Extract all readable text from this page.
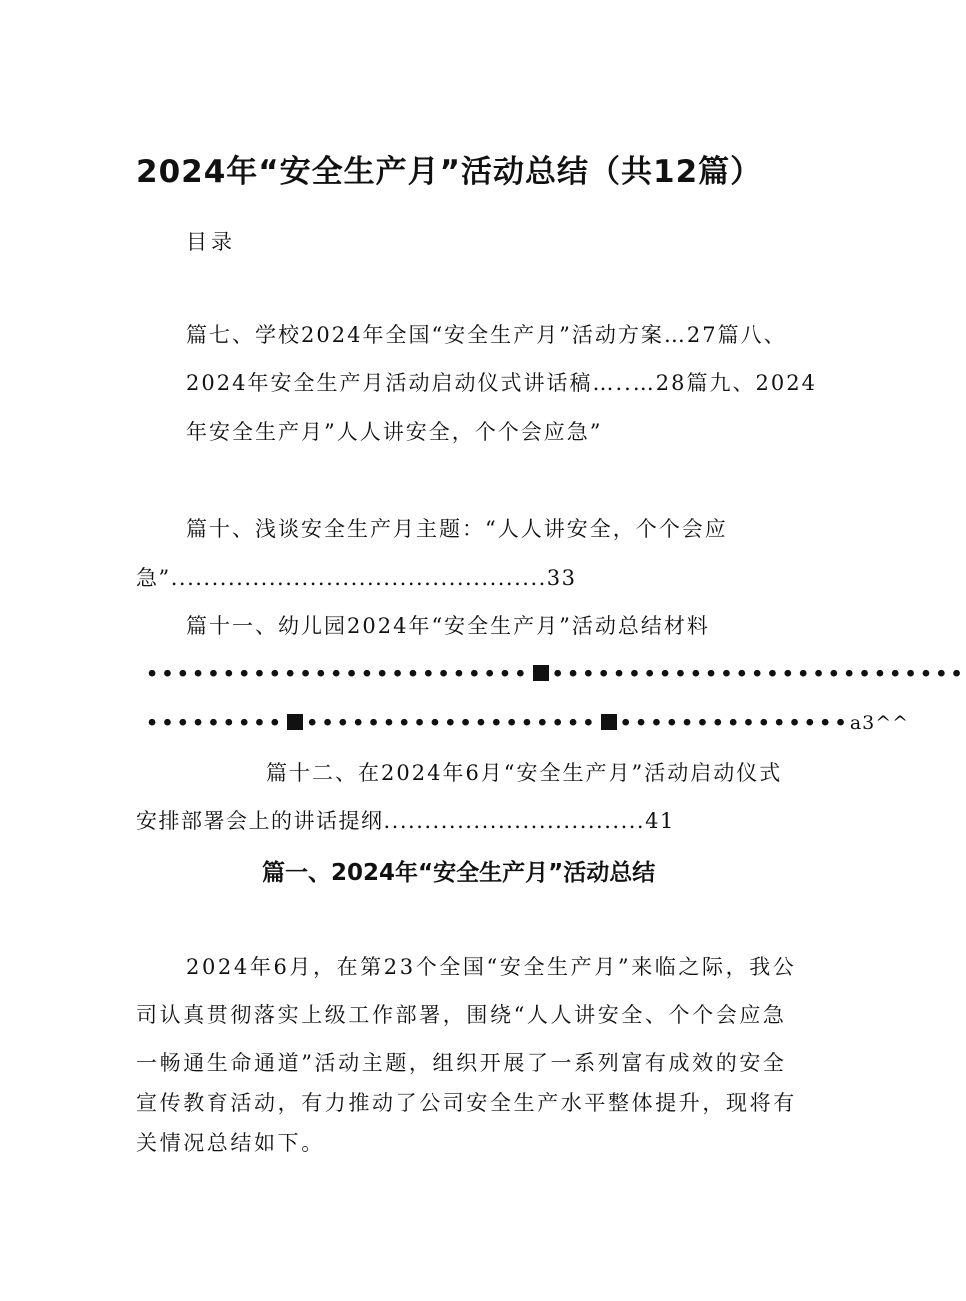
2024年“安全生产月”活动总结（共12篇）
目录
篇七、学校2024年全国“安全生产月”活动方案…27篇八、
2024年安全生产月活动启动仪式讲话稿…..…28篇九、2024
年安全生产月”人人讲安全，个个会应急”
篇十、浅谈安全生产月主题：“人人讲安全，个个会应
急”..............................................33
篇十一、幼儿园2024年“安全生产月”活动总结材料
••••••••••••••••••••••••• •••••••••••••••••••••••••••
••••••••• ••••••••••••••••••• •••••••••••••••a3^^
篇十二、在2024年6月“安全生产月”活动启动仪式
安排部署会上的讲话提纲................................41
篇一、2024年“安全生产月”活动总结
2024年6月，在第23个全国“安全生产月”来临之际，我公
司认真贯彻落实上级工作部署，围绕“人人讲安全、个个会应急
一畅通生命通道”活动主题，组织开展了一系列富有成效的安全
宣传教育活动，有力推动了公司安全生产水平整体提升，现将有
关情况总结如下。
